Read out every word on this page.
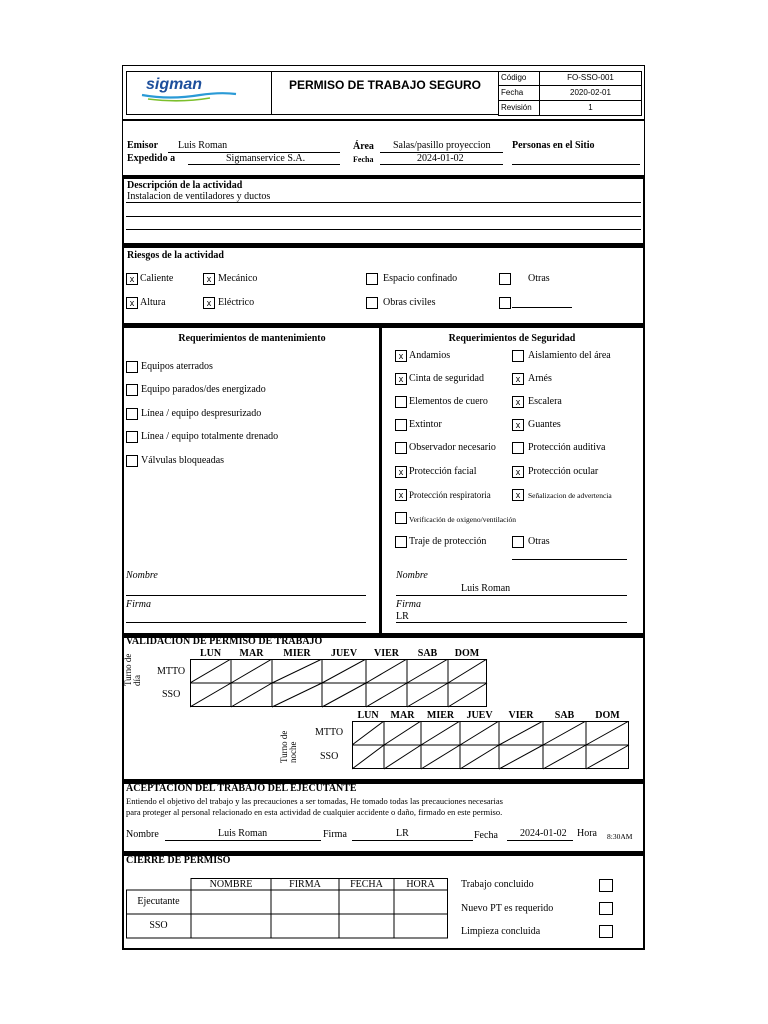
sigman	PERMISO DE TRABAJO SEGURO
Código	FO-SSO-001
Fecha	2020-02-01
Revisión	1
Emisor Luis Roman
Expedido a	Sigmanservice S.A.
Área Salas/pasillo proyeccion
Fecha	2024-01-02
Personas en el Sitio
Descripción de la actividad
Instalacion de ventiladores y ductos
Riesgos de la actividad
x Caliente	x Mecánico	Espacio confinado	Otras
x Altura	x Eléctrico	Obras civiles
Requerimientos de mantenimiento
Equipos aterrados
Equipo parados/des energizado
Línea / equipo despresurizado
Línea / equipo totalmente drenado
Válvulas bloqueadas
Nombre
Firma
Requerimientos de Seguridad
x Andamios	Aislamiento del área
x Cinta de seguridad	x Arnés
Elementos de cuero	x Escalera
Extintor	x Guantes
Observador necesario	Protección auditiva
x Protección facial	x Protección ocular
x Protección respiratoria	x	Señalizacion de advertencia
Verificación de oxigeno/ventilación
Traje de protección	Otras
Nombre
Luis Roman
Firma
LR
VALIDACION DE PERMISO DE TRABAJO
LUN	MAR	MIER	JUEV	VIER	SAB	DOM
Turno de día
MTTO
SSO
LUN	MAR	MIER	JUEV	VIER	SAB	DOM
Turno de noche
MTTO
SSO
ACEPTACION DEL TRABAJO DEL EJECUTANTE
Entiendo el objetivo del trabajo y las precauciones a ser tomadas, He tomado todas las precauciones necesarias
para proteger al personal relacionado en esta actividad de cualquier accidente o daño, firmado en este permiso.
Nombre	Luis Roman	Firma	LR	Fecha 2024-01-02 Hora 8:30AM
CIERRE DE PERMISO
NOMBRE	FIRMA	FECHA	HORA
Ejecutante
SSO
Trabajo concluido
Nuevo PT es requerido
Limpieza concluida
